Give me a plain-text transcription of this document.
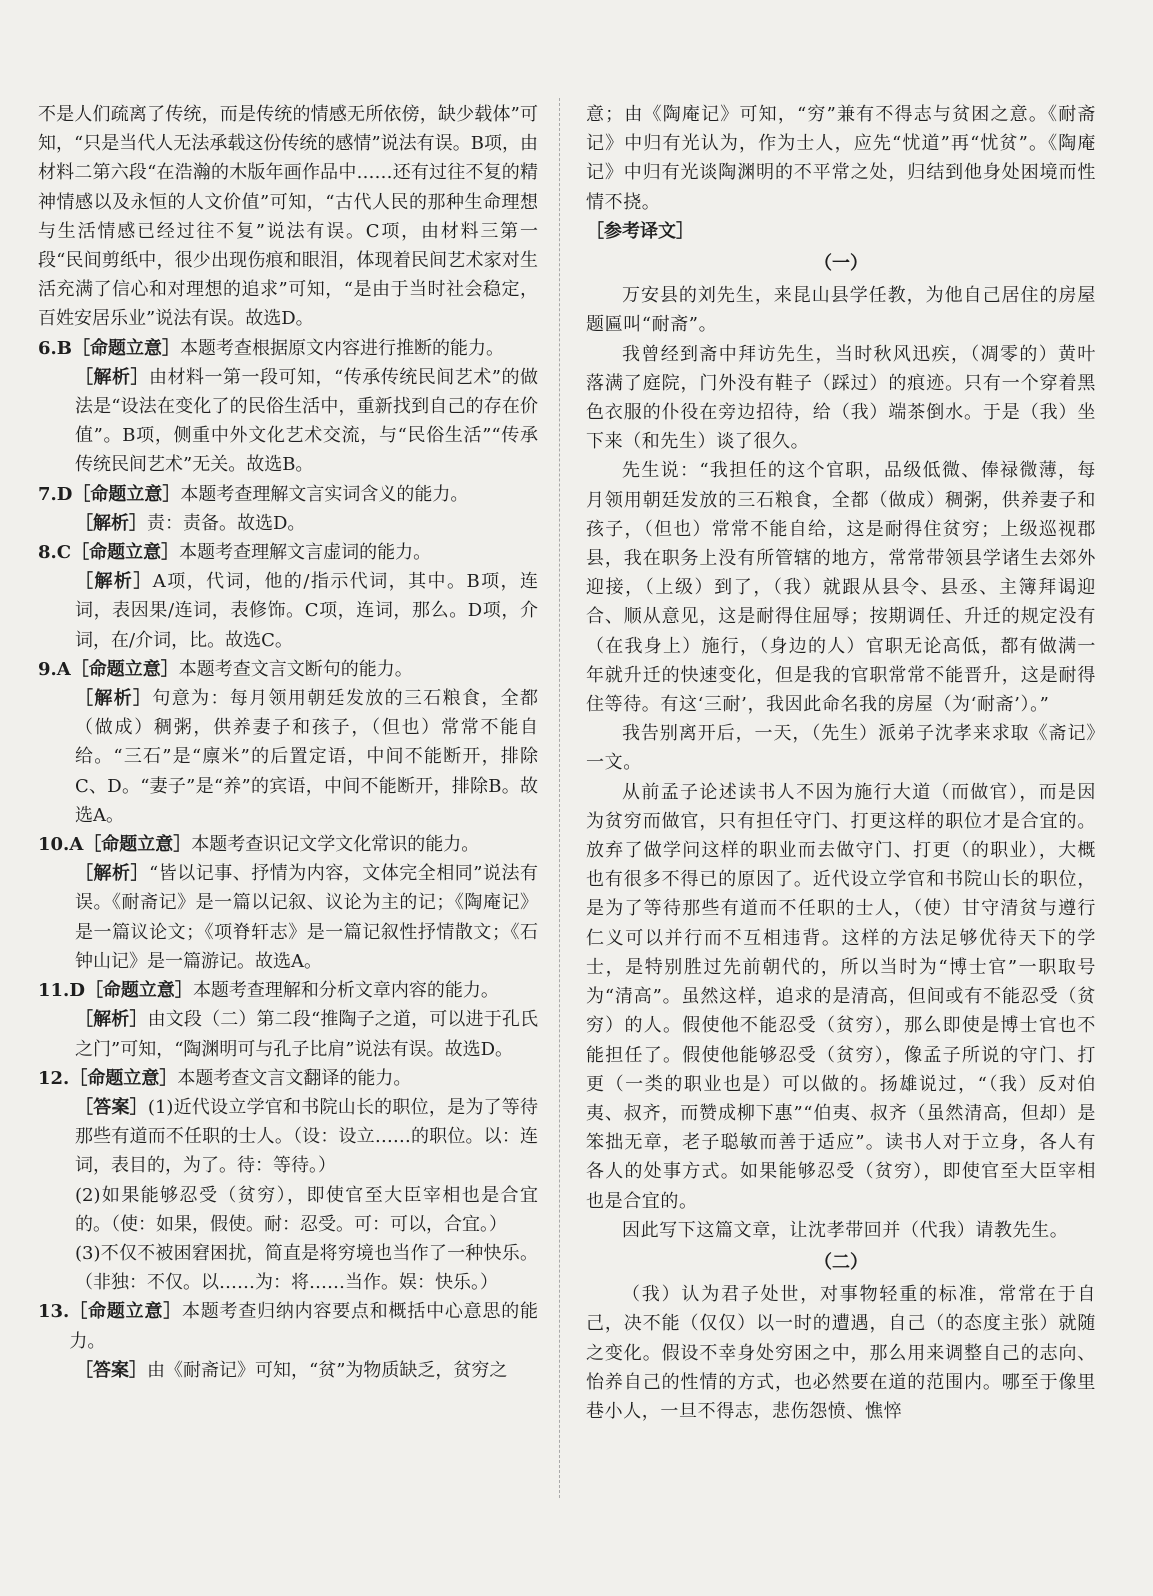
不是人们疏离了传统，而是传统的情感无所依傍，缺少载体”可知，“只是当代人无法承载这份传统的感情”说法有误。B项，由材料二第六段“在浩瀚的木版年画作品中……还有过往不复的精神情感以及永恒的人文价值”可知，“古代人民的那种生命理想与生活情感已经过往不复”说法有误。C项，由材料三第一段“民间剪纸中，很少出现伤痕和眼泪，体现着民间艺术家对生活充满了信心和对理想的追求”可知，“是由于当时社会稳定，百姓安居乐业”说法有误。故选D。

6.B ［命题立意］本题考查根据原文内容进行推断的能力。

［解析］由材料一第一段可知，“传承传统民间艺术”的做法是“设法在变化了的民俗生活中，重新找到自己的存在价值”。B项，侧重中外文化艺术交流，与“民俗生活”“传承传统民间艺术”无关。故选B。

7.D ［命题立意］本题考查理解文言实词含义的能力。

［解析］责：责备。故选D。

8.C ［命题立意］本题考查理解文言虚词的能力。

［解析］A项，代词，他的/指示代词，其中。B项，连词，表因果/连词，表修饰。C项，连词，那么。D项，介词，在/介词，比。故选C。

9.A ［命题立意］本题考查文言文断句的能力。

［解析］句意为：每月领用朝廷发放的三石粮食，全都（做成）稠粥，供养妻子和孩子，（但也）常常不能自给。“三石”是“廪米”的后置定语，中间不能断开，排除C、D。“妻子”是“养”的宾语，中间不能断开，排除B。故选A。

10.A ［命题立意］本题考查识记文学文化常识的能力。

［解析］“皆以记事、抒情为内容，文体完全相同”说法有误。《耐斋记》是一篇以记叙、议论为主的记；《陶庵记》是一篇议论文；《项脊轩志》是一篇记叙性抒情散文；《石钟山记》是一篇游记。故选A。

11.D ［命题立意］本题考查理解和分析文章内容的能力。

［解析］由文段（二）第二段“推陶子之道，可以进于孔氏之门”可知，“陶渊明可与孔子比肩”说法有误。故选D。

12. ［命题立意］本题考查文言文翻译的能力。

［答案］(1)近代设立学官和书院山长的职位，是为了等待那些有道而不任职的士人。（设：设立……的职位。以：连词，表目的，为了。待：等待。）

(2)如果能够忍受（贫穷），即使官至大臣宰相也是合宜的。（使：如果，假使。耐：忍受。可：可以，合宜。）

(3)不仅不被困窘困扰，简直是将穷境也当作了一种快乐。（非独：不仅。以……为：将……当作。娱：快乐。）

13. ［命题立意］本题考查归纳内容要点和概括中心意思的能力。

［答案］由《耐斋记》可知，“贫”为物质缺乏，贫穷之

意；由《陶庵记》可知，“穷”兼有不得志与贫困之意。《耐斋记》中归有光认为，作为士人，应先“忧道”再“忧贫”。《陶庵记》中归有光谈陶渊明的不平常之处，归结到他身处困境而性情不挠。

［参考译文］

（一）

万安县的刘先生，来昆山县学任教，为他自己居住的房屋题匾叫“耐斋”。

我曾经到斋中拜访先生，当时秋风迅疾，（凋零的）黄叶落满了庭院，门外没有鞋子（踩过）的痕迹。只有一个穿着黑色衣服的仆役在旁边招待，给（我）端茶倒水。于是（我）坐下来（和先生）谈了很久。

先生说：“我担任的这个官职，品级低微、俸禄微薄，每月领用朝廷发放的三石粮食，全都（做成）稠粥，供养妻子和孩子，（但也）常常不能自给，这是耐得住贫穷；上级巡视郡县，我在职务上没有所管辖的地方，常常带领县学诸生去郊外迎接，（上级）到了，（我）就跟从县令、县丞、主簿拜谒迎合、顺从意见，这是耐得住屈辱；按期调任、升迁的规定没有（在我身上）施行，（身边的人）官职无论高低，都有做满一年就升迁的快速变化，但是我的官职常常不能晋升，这是耐得住等待。有这‘三耐’，我因此命名我的房屋（为‘耐斋’）。”

我告别离开后，一天，（先生）派弟子沈孝来求取《斋记》一文。

从前孟子论述读书人不因为施行大道（而做官），而是因为贫穷而做官，只有担任守门、打更这样的职位才是合宜的。放弃了做学问这样的职业而去做守门、打更（的职业），大概也有很多不得已的原因了。近代设立学官和书院山长的职位，是为了等待那些有道而不任职的士人，（使）甘守清贫与遵行仁义可以并行而不互相违背。这样的方法足够优待天下的学士，是特别胜过先前朝代的，所以当时为“博士官”一职取号为“清高”。虽然这样，追求的是清高，但间或有不能忍受（贫穷）的人。假使他不能忍受（贫穷），那么即使是博士官也不能担任了。假使他能够忍受（贫穷），像孟子所说的守门、打更（一类的职业也是）可以做的。扬雄说过，“（我）反对伯夷、叔齐，而赞成柳下惠”“伯夷、叔齐（虽然清高，但却）是笨拙无章，老子聪敏而善于适应”。读书人对于立身，各人有各人的处事方式。如果能够忍受（贫穷），即使官至大臣宰相也是合宜的。

因此写下这篇文章，让沈孝带回并（代我）请教先生。

（二）

（我）认为君子处世，对事物轻重的标准，常常在于自己，决不能（仅仅）以一时的遭遇，自己（的态度主张）就随之变化。假设不幸身处穷困之中，那么用来调整自己的志向、怡养自己的性情的方式，也必然要在道的范围内。哪至于像里巷小人，一旦不得志，悲伤怨愤、憔悴
